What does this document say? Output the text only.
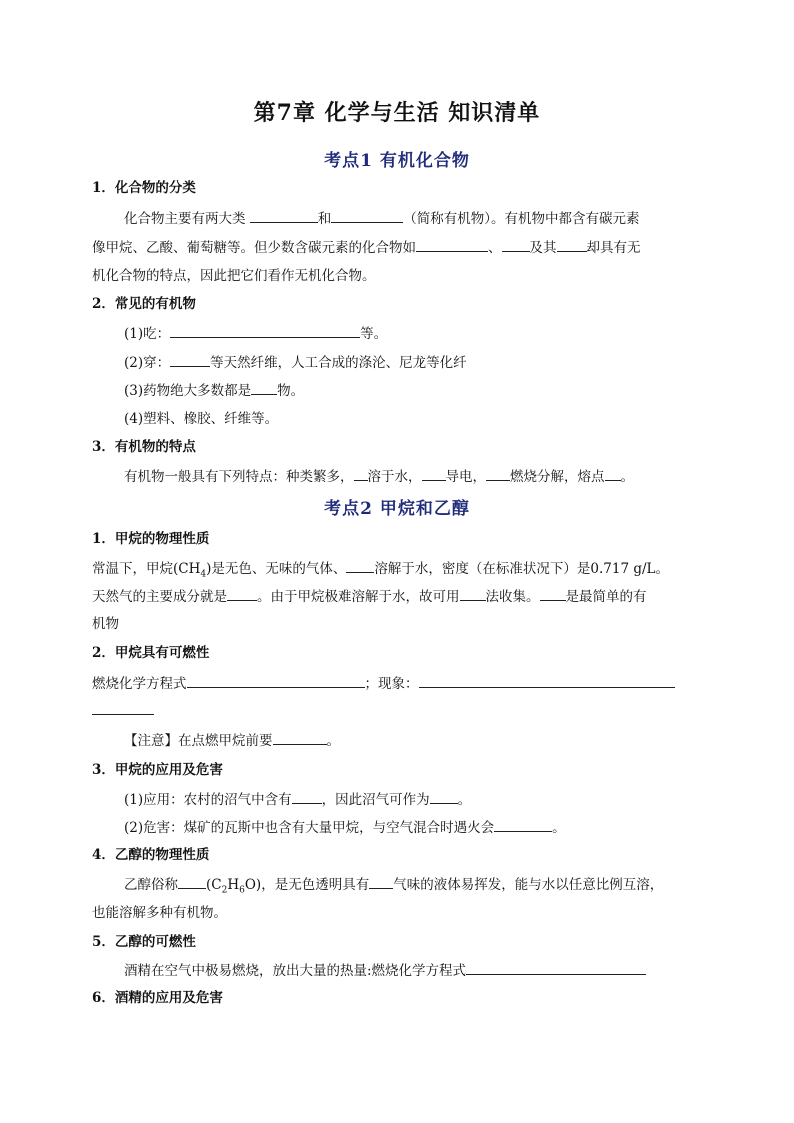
第7章 化学与生活 知识清单
考点1 有机化合物
1．化合物的分类
化合物主要有两大类	和	（简称有机物）。有机物中都含有碳元素
像甲烷、乙酸、葡萄糖等。但少数含碳元素的化合物如	、 及其 却具有无
机化合物的特点，因此把它们看作无机化合物。
2．常见的有机物
(1)吃：	等。
(2)穿：	等天然纤维，人工合成的涤沦、尼龙等化纤
(3)药物绝大多数都是 物。
(4)塑料、橡胶、纤维等。
3．有机物的特点
有机物一般具有下列特点：种类繁多， 溶于水， 导电， 燃烧分解，熔点 。
考点2 甲烷和乙醇
1．甲烷的物理性质
常温下，甲烷$(CH_4)$是无色、无味的气体、 溶解于水，密度（在标准状况下）是0.717 g/L。
天然气的主要成分就是 。由于甲烷极难溶解于水，故可用 法收集。 是最简单的有
机物
2．甲烷具有可燃性
燃烧化学方程式	；现象：
【注意】在点燃甲烷前要	。
3．甲烷的应用及危害
(1)应用：农村的沼气中含有 ，因此沼气可作为 。
(2)危害：煤矿的瓦斯中也含有大量甲烷，与空气混合时遇火会	。
4．乙醇的物理性质
乙醇俗称 $(C_2H_6O)$，是无色透明具有 气味的液体易挥发，能与水以任意比例互溶，
也能溶解多种有机物。
5．乙醇的可燃性
酒精在空气中极易燃烧，放出大量的热量:燃烧化学方程式
6．酒精的应用及危害
